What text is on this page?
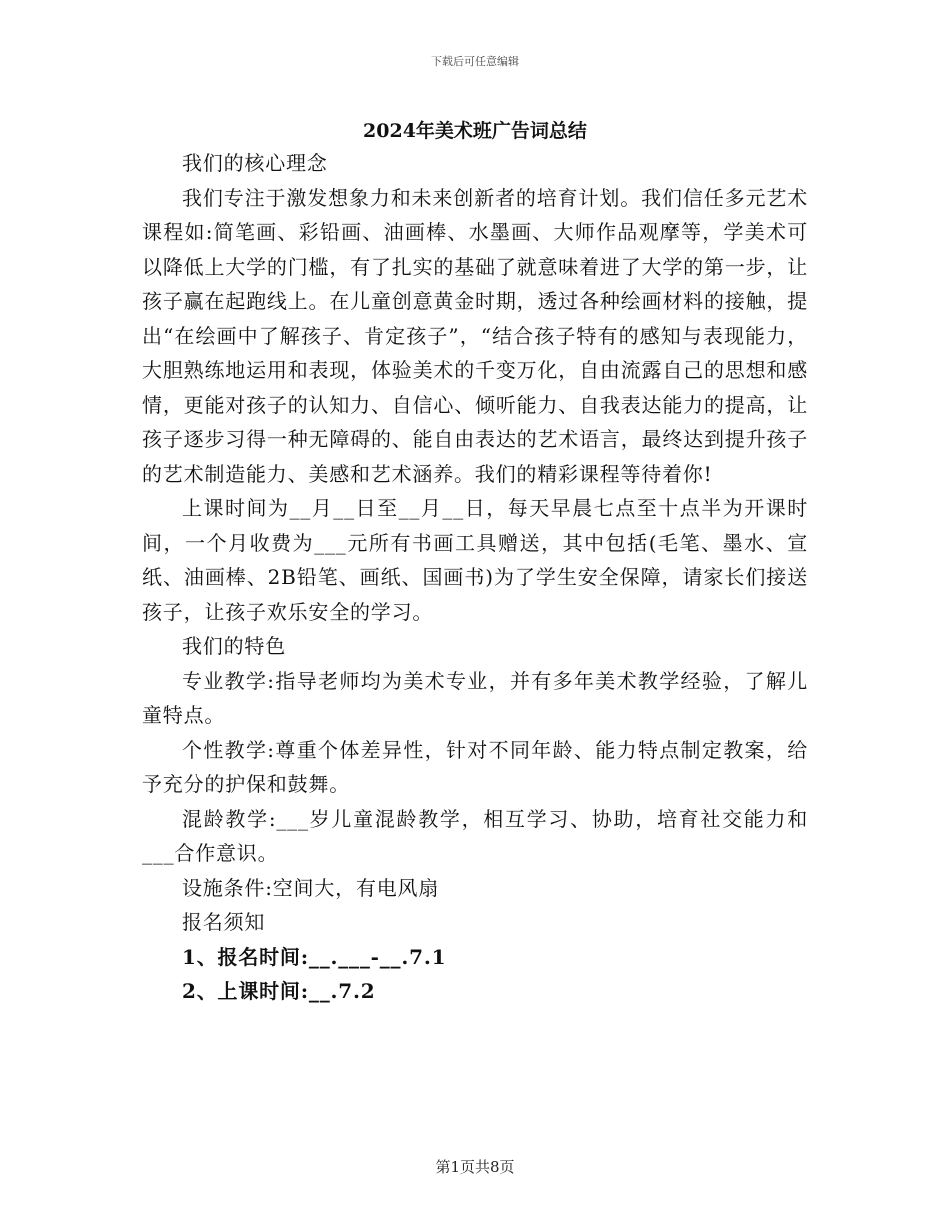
下载后可任意编辑
2024年美术班广告词总结

我们的核心理念

我们专注于激发想象力和未来创新者的培育计划。我们信任多元艺术课程如:简笔画、彩铅画、油画棒、水墨画、大师作品观摩等，学美术可以降低上大学的门槛，有了扎实的基础了就意味着进了大学的第一步，让孩子赢在起跑线上。在儿童创意黄金时期，透过各种绘画材料的接触，提出“在绘画中了解孩子、肯定孩子”，“结合孩子特有的感知与表现能力，大胆熟练地运用和表现，体验美术的千变万化，自由流露自己的思想和感情，更能对孩子的认知力、自信心、倾听能力、自我表达能力的提高，让孩子逐步习得一种无障碍的、能自由表达的艺术语言，最终达到提升孩子的艺术制造能力、美感和艺术涵养。我们的精彩课程等待着你!

上课时间为__月__日至__月__日，每天早晨七点至十点半为开课时间，一个月收费为___元所有书画工具赠送，其中包括(毛笔、墨水、宣纸、油画棒、2B铅笔、画纸、国画书)为了学生安全保障，请家长们接送孩子，让孩子欢乐安全的学习。

我们的特色

专业教学:指导老师均为美术专业，并有多年美术教学经验，了解儿童特点。

个性教学:尊重个体差异性，针对不同年龄、能力特点制定教案，给予充分的护保和鼓舞。

混龄教学:___岁儿童混龄教学，相互学习、协助，培育社交能力和___合作意识。

设施条件:空间大，有电风扇

报名须知

1、报名时间:__.___-__.7.1

2、上课时间:__.7.2

第1页共8页
